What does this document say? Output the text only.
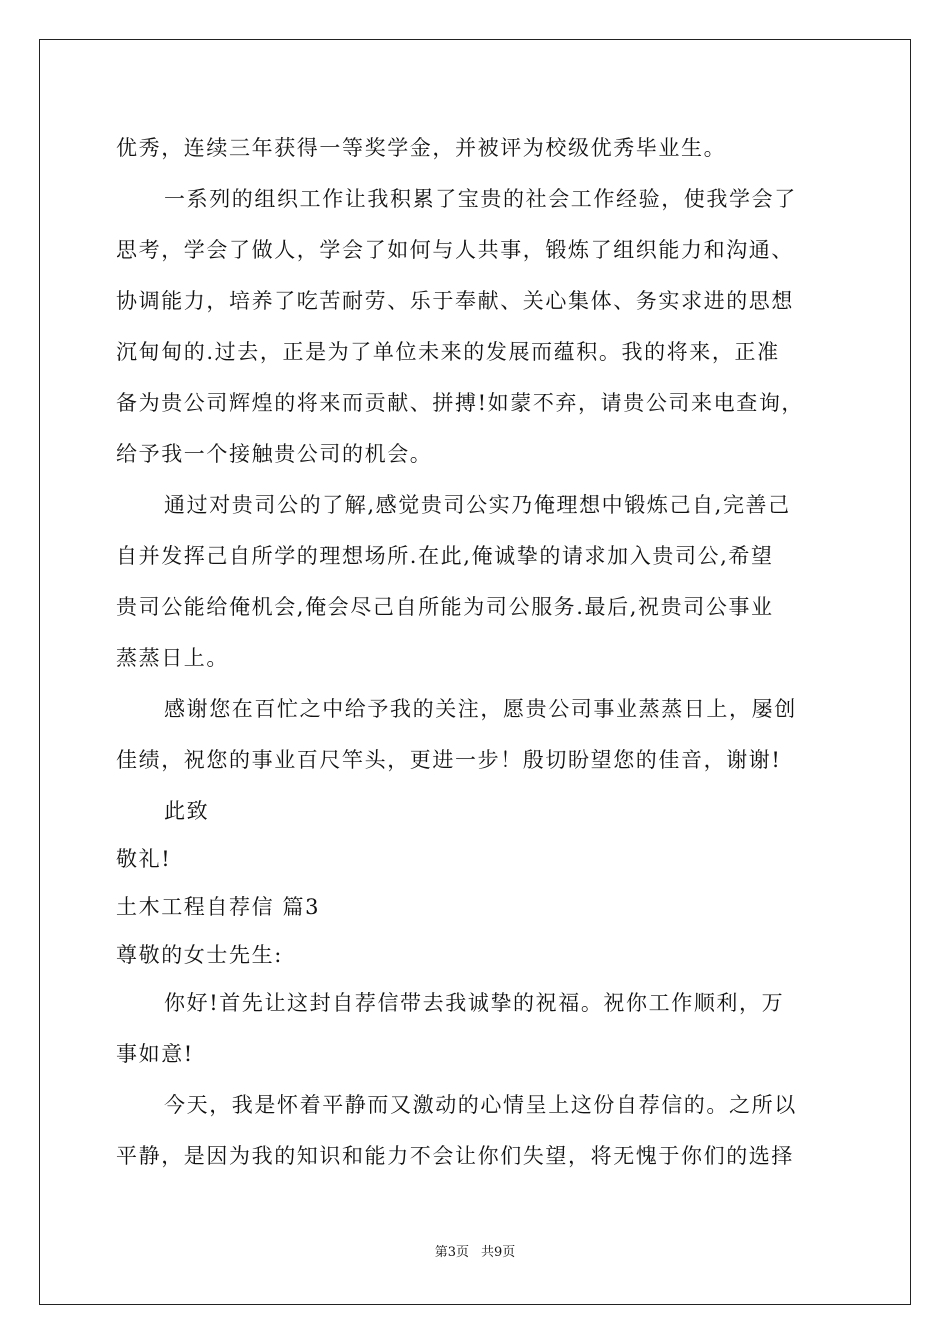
优秀，连续三年获得一等奖学金，并被评为校级优秀毕业生。
一系列的组织工作让我积累了宝贵的社会工作经验，使我学会了
思考，学会了做人，学会了如何与人共事，锻炼了组织能力和沟通、
协调能力，培养了吃苦耐劳、乐于奉献、关心集体、务实求进的思想
沉甸甸的.过去，正是为了单位未来的发展而蕴积。我的将来，正准
备为贵公司辉煌的将来而贡献、拼搏!如蒙不弃，请贵公司来电查询，
给予我一个接触贵公司的机会。
通过对贵司公的了解,感觉贵司公实乃俺理想中锻炼己自,完善己
自并发挥己自所学的理想场所.在此,俺诚挚的请求加入贵司公,希望
贵司公能给俺机会,俺会尽己自所能为司公服务.最后,祝贵司公事业
蒸蒸日上。
感谢您在百忙之中给予我的关注，愿贵公司事业蒸蒸日上，屡创
佳绩，祝您的事业百尺竿头，更进一步！殷切盼望您的佳音，谢谢!
此致
敬礼!
土木工程自荐信 篇3
尊敬的女士先生:
你好!首先让这封自荐信带去我诚挚的祝福。祝你工作顺利，万
事如意!
今天，我是怀着平静而又激动的心情呈上这份自荐信的。之所以
平静，是因为我的知识和能力不会让你们失望，将无愧于你们的选择
第3页 共9页
